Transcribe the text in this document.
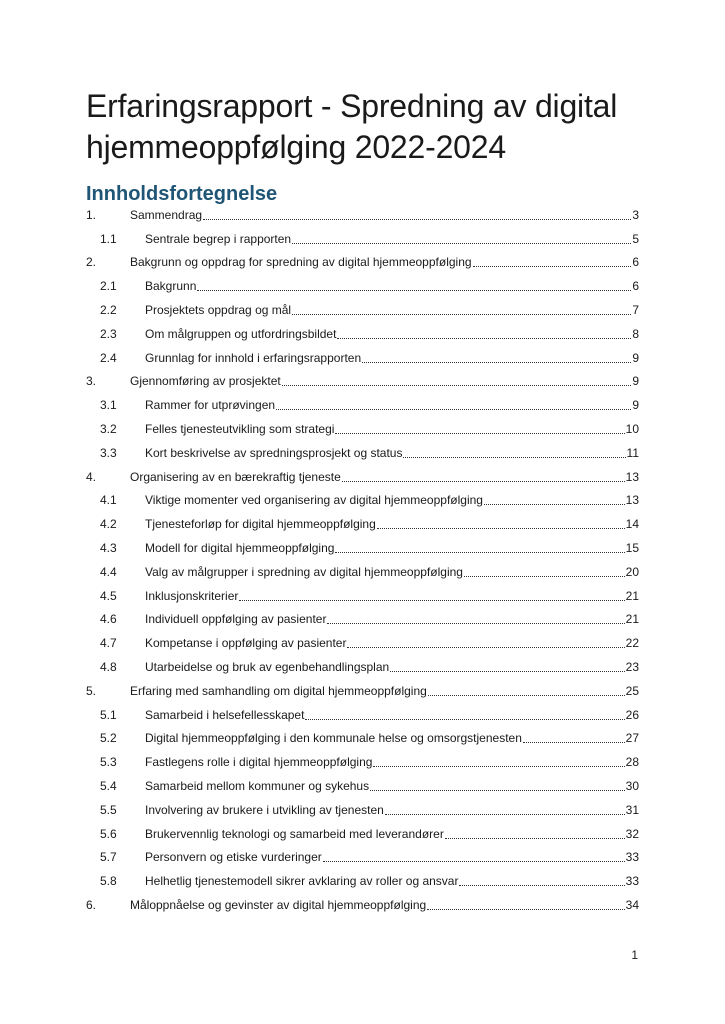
Erfaringsrapport - Spredning av digital hjemmeoppfølging 2022-2024
Innholdsfortegnelse
1.	Sammendrag	3
1.1	Sentrale begrep i rapporten	5
2.	Bakgrunn og oppdrag for spredning av digital hjemmeoppfølging	6
2.1	Bakgrunn	6
2.2	Prosjektets oppdrag og mål	7
2.3	Om målgruppen og utfordringsbildet	8
2.4	Grunnlag for innhold i erfaringsrapporten	9
3.	Gjennomføring av prosjektet	9
3.1	Rammer for utprøvingen	9
3.2	Felles tjenesteutvikling som strategi	10
3.3	Kort beskrivelse av spredningsprosjekt og status	11
4.	Organisering av en bærekraftig tjeneste	13
4.1	Viktige momenter ved organisering av digital hjemmeoppfølging	13
4.2	Tjenesteforløp for digital hjemmeoppfølging	14
4.3	Modell for digital hjemmeoppfølging	15
4.4	Valg av målgrupper i spredning av digital hjemmeoppfølging	20
4.5	Inklusjonskriterier	21
4.6	Individuell oppfølging av pasienter	21
4.7	Kompetanse i oppfølging av pasienter	22
4.8	Utarbeidelse og bruk av egenbehandlingsplan	23
5.	Erfaring med samhandling om digital hjemmeoppfølging	25
5.1	Samarbeid i helsefellesskapet	26
5.2	Digital hjemmeoppfølging i den kommunale helse og omsorgstjenesten	27
5.3	Fastlegens rolle i digital hjemmeoppfølging	28
5.4	Samarbeid mellom kommuner og sykehus	30
5.5	Involvering av brukere i utvikling av tjenesten	31
5.6	Brukervennlig teknologi og samarbeid med leverandører	32
5.7	Personvern og etiske vurderinger	33
5.8	Helhetlig tjenestemodell sikrer avklaring av roller og ansvar	33
6.	Måloppnåelse og gevinster av digital hjemmeoppfølging	34
1
